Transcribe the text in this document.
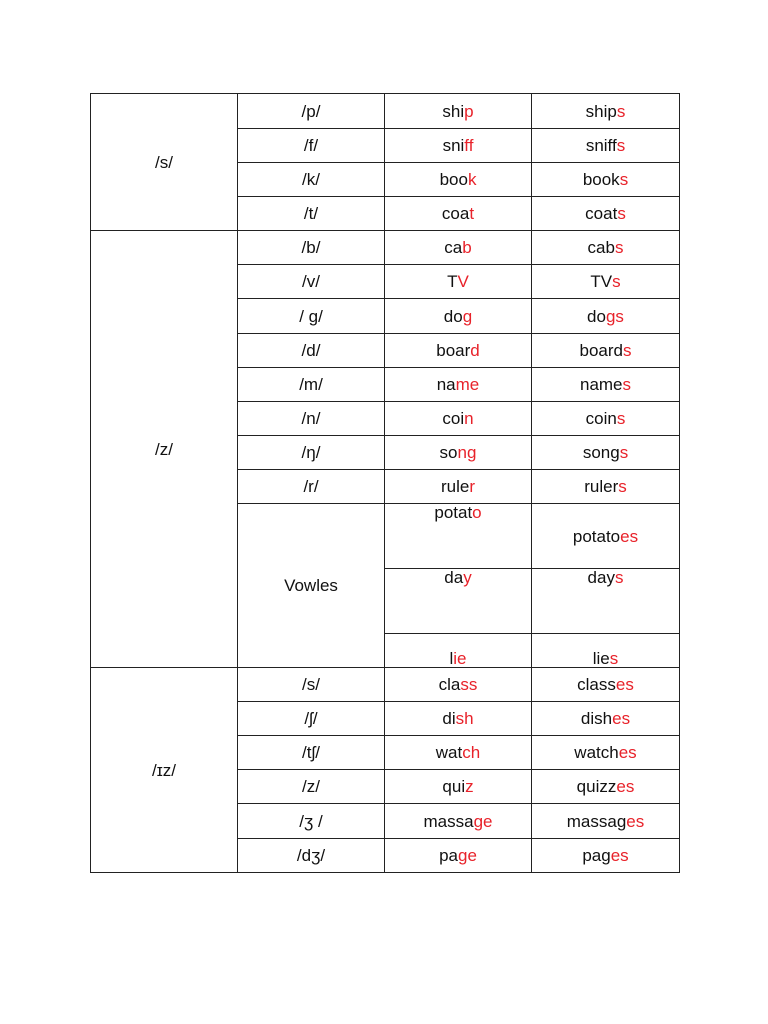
/s/	/p/	ship	ships
	/f/	sniff	sniffs
	/k/	book	books
	/t/	coat	coats
/z/	/b/	cab	cabs
	/v/	TV	TVs
	/ ɡ/	dog	dogs
	/d/	board	boards
	/m/	name	names
	/n/	coin	coins
	/ŋ/	song	songs
	/r/	ruler	rulers
	Vowles	potato	potatoes
		day	days
		lie	lies
/ɪz/	/s/	class	classes
	/ʃ/	dish	dishes
	/tʃ/	watch	watches
	/z/	quiz	quizzes
	/ʒ /	massage	massages
	/dʒ/	page	pages
